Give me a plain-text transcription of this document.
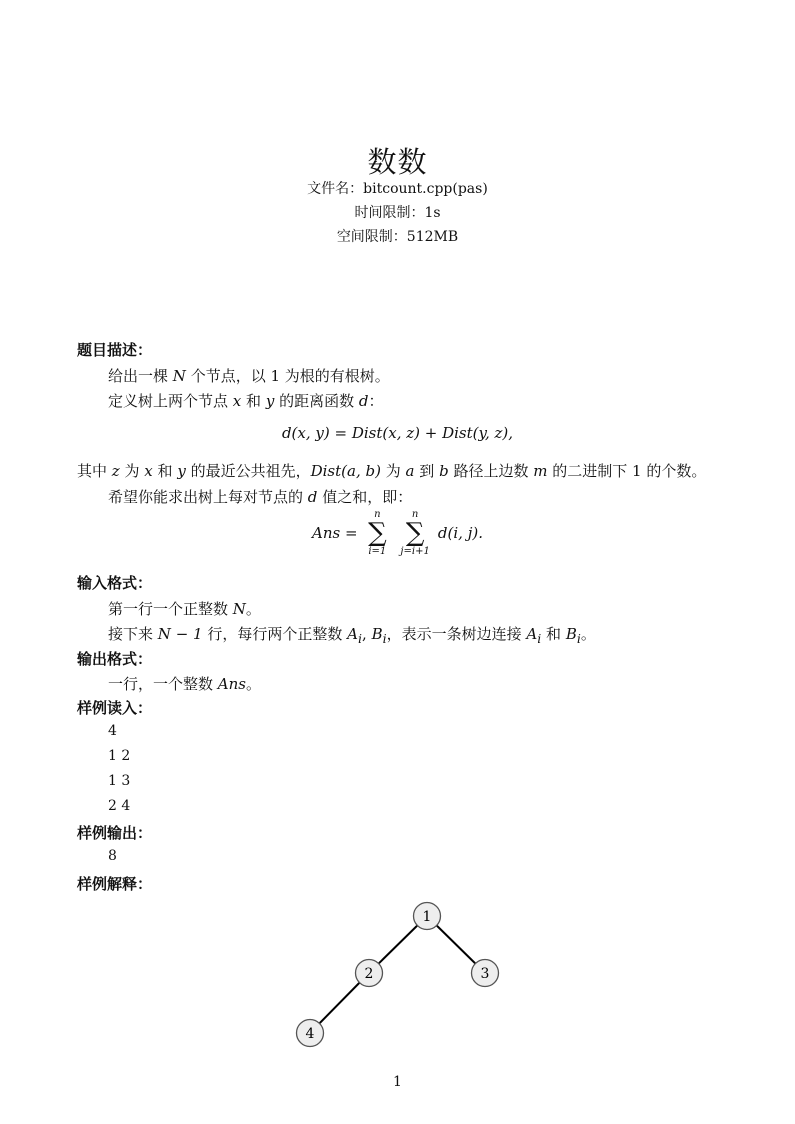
数数
文件名：bitcount.cpp(pas)
时间限制：1s
空间限制：512MB
题目描述：
给出一棵 N 个节点，以 1 为根的有根树。
定义树上两个节点 x 和 y 的距离函数 d：
d(x, y) = Dist(x, z) + Dist(y, z),
其中 z 为 x 和 y 的最近公共祖先，Dist(a, b) 为 a 到 b 路径上边数 m 的二进制下 1 的个数。
希望你能求出树上每对节点的 d 值之和，即：
Ans =
n
∑
i=1

n
∑
j=i+1
d(i, j).
输入格式：
第一行一个正整数 N。
接下来 N − 1 行，每行两个正整数 $A_i$, $B_i$，表示一条树边连接 $A_i$ 和 $B_i$。
输出格式：
一行，一个整数 Ans。
样例读入：
4
1 2
1 3
2 4
样例输出：
8
样例解释：
1
2	3
4
1
